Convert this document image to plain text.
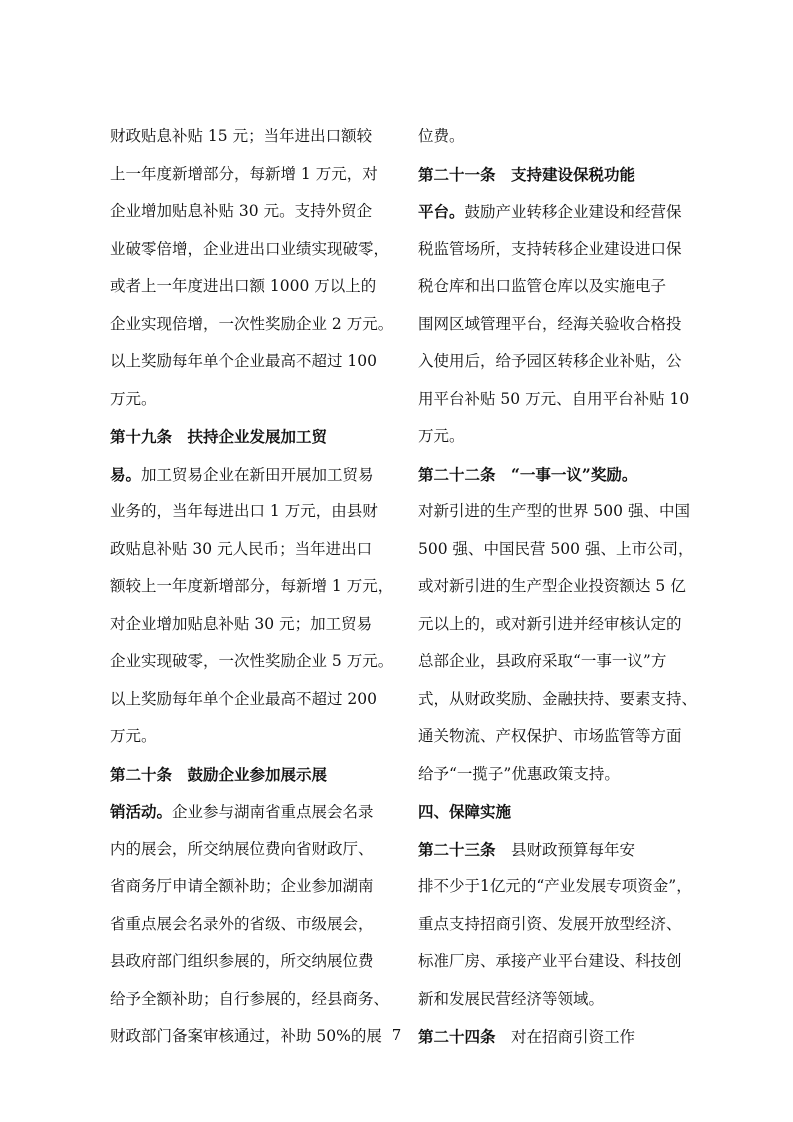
财政贴息补贴 15 元；当年进出口额较
上一年度新增部分，每新增 1 万元，对
企业增加贴息补贴 30 元。支持外贸企
业破零倍增，企业进出口业绩实现破零，
或者上一年度进出口额 1000 万以上的
企业实现倍增，一次性奖励企业 2 万元。
以上奖励每年单个企业最高不超过 100
万元。
第十九条　扶持企业发展加工贸
易。加工贸易企业在新田开展加工贸易
业务的，当年每进出口 1 万元，由县财
政贴息补贴 30 元人民币；当年进出口
额较上一年度新增部分，每新增 1 万元，
对企业增加贴息补贴 30 元；加工贸易
企业实现破零，一次性奖励企业 5 万元。
以上奖励每年单个企业最高不超过 200
万元。
第二十条　鼓励企业参加展示展
销活动。企业参与湖南省重点展会名录
内的展会，所交纳展位费向省财政厅、
省商务厅申请全额补助；企业参加湖南
省重点展会名录外的省级、市级展会，
县政府部门组织参展的，所交纳展位费
给予全额补助；自行参展的，经县商务、
财政部门备案审核通过，补助 50%的展
位费。
第二十一条　支持建设保税功能
平台。鼓励产业转移企业建设和经营保
税监管场所，支持转移企业建设进口保
税仓库和出口监管仓库以及实施电子
围网区域管理平台，经海关验收合格投
入使用后，给予园区转移企业补贴，公
用平台补贴 50 万元、自用平台补贴 10
万元。
第二十二条　“一事一议”奖励。
对新引进的生产型的世界 500 强、中国
500 强、中国民营 500 强、上市公司，
或对新引进的生产型企业投资额达 5 亿
元以上的，或对新引进并经审核认定的
总部企业，县政府采取“一事一议”方
式，从财政奖励、金融扶持、要素支持、
通关物流、产权保护、市场监管等方面
给予“一揽子”优惠政策支持。
四、保障实施
第二十三条　县财政预算每年安
排不少于1亿元的“产业发展专项资金”，
重点支持招商引资、发展开放型经济、
标准厂房、承接产业平台建设、科技创
新和发展民营经济等领域。
第二十四条　对在招商引资工作
7
